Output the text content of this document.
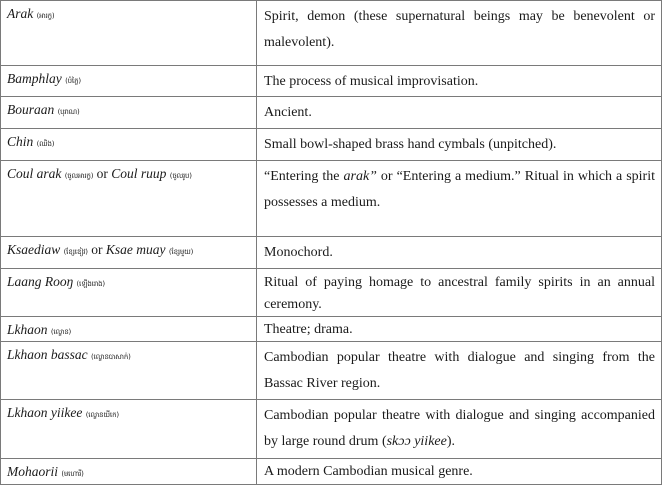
Arak (អារក្ខ)	Spirit, demon (these supernatural beings may be benevolent or malevolent).
Bamphlay (បំភ្លៃ)	The process of musical improvisation.
Bouraan (បុរាណ)	Ancient.
Chin (ឈិង)	Small bowl-shaped brass hand cymbals (unpitched).
Coul arak (ចូលអារក្ខ) or Coul ruup (ចូលរូប)	“Entering the arak” or “Entering a medium.” Ritual in which a spirit possesses a medium.
Ksaediaw (ខ្សែឌៀវ) or Ksae muay (ខ្សែមួយ)	Monochord.
Laang Rooŋ (ឡើងរោង)	Ritual of paying homage to ancestral family spirits in an annual ceremony.
Lkhaon (ល្ខោន)	Theatre; drama.
Lkhaon bassac (ល្ខោនបាសាក់)	Cambodian popular theatre with dialogue and singing from the Bassac River region.
Lkhaon yiikee (ល្ខោនយីកេ)	Cambodian popular theatre with dialogue and singing accompanied by large round drum (skɔɔ yiikee).
Mohaorii (មហោរី)	A modern Cambodian musical genre.
